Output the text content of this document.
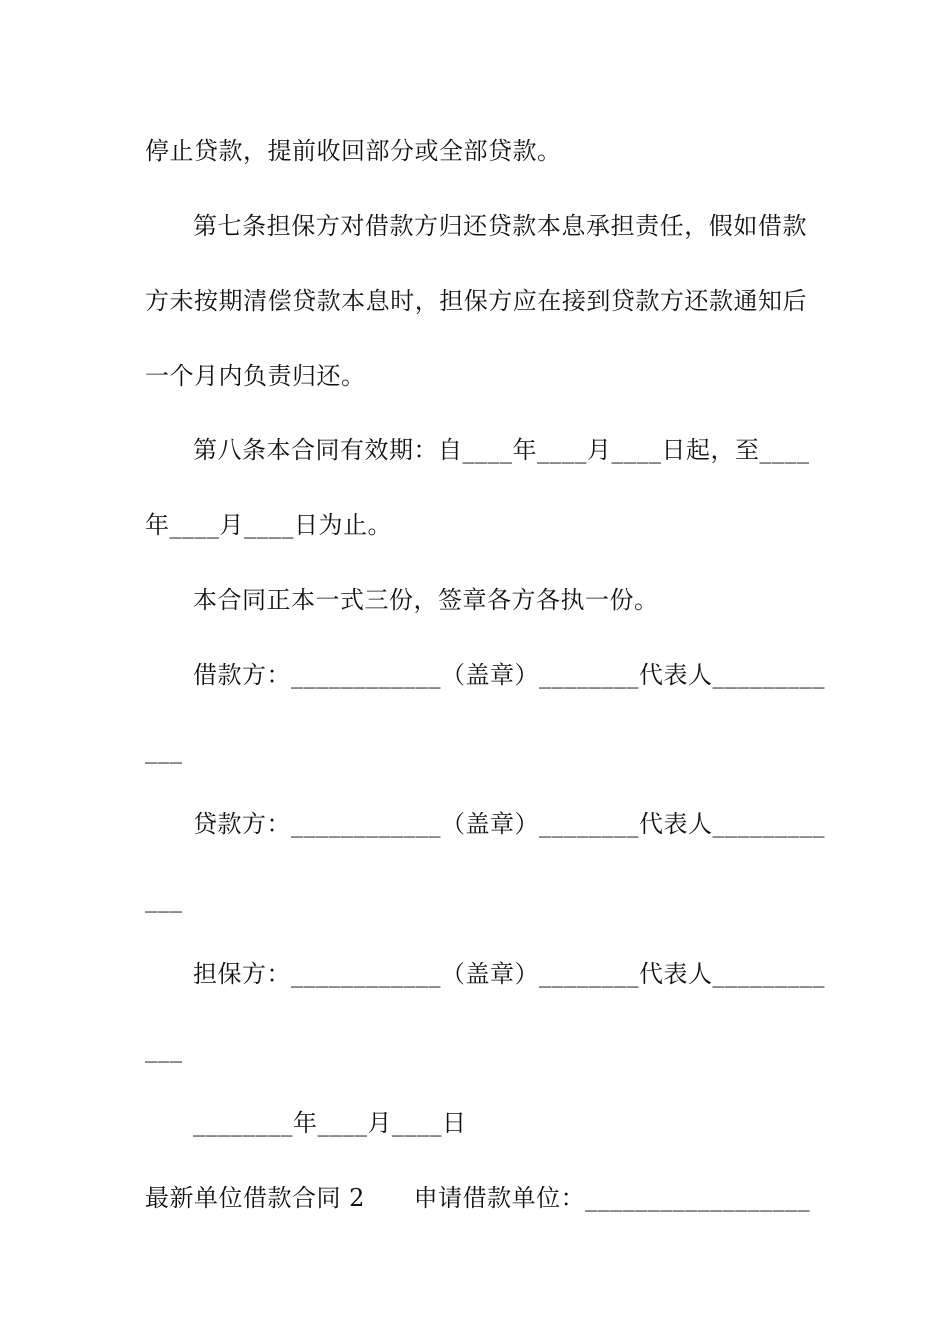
停止贷款，提前收回部分或全部贷款。
第七条担保方对借款方归还贷款本息承担责任，假如借款
方未按期清偿贷款本息时，担保方应在接到贷款方还款通知后
一个月内负责归还。
第八条本合同有效期：自____年____月____日起，至____
年____月____日为止。
本合同正本一式三份，签章各方各执一份。
借款方：____________（盖章）________代表人_________
___
贷款方：____________（盖章）________代表人_________
___
担保方：____________（盖章）________代表人_________
___
________年____月____日
最新单位借款合同 2      申请借款单位：__________________
